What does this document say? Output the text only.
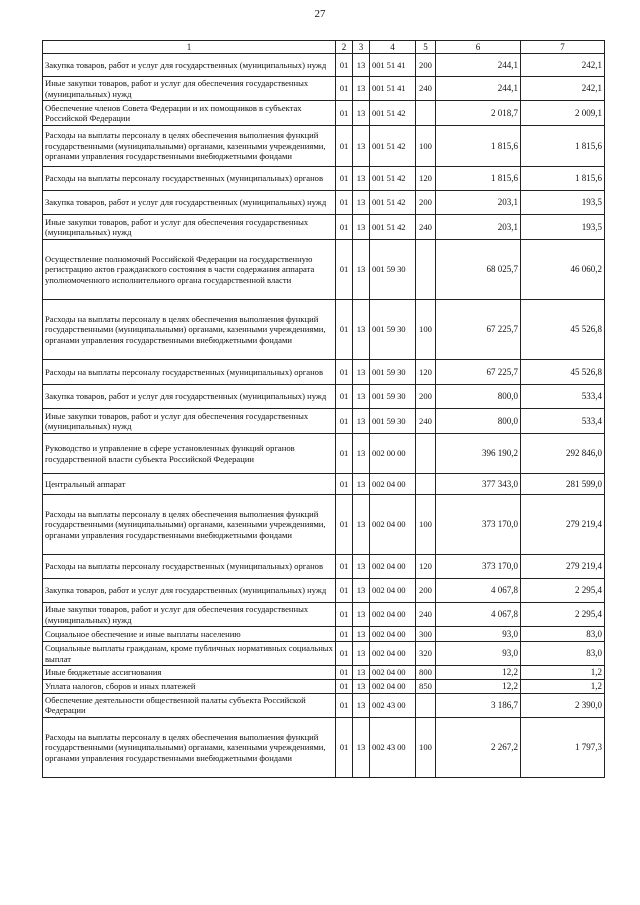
27
1	2	3	4	5	6	7
Закупка товаров, работ и услуг для государственных (муниципальных) нужд	01	13	001 51 41	200	244,1	242,1
Иные закупки товаров, работ и услуг для обеспечения государственных (муниципальных) нужд	01	13	001 51 41	240	244,1	242,1
Обеспечение членов Совета Федерации и их помощников в субъектах Российской Федерации	01	13	001 51 42		2 018,7	2 009,1
Расходы на выплаты персоналу в целях обеспечения выполнения функций государственными (муниципальными) органами, казенными учреждениями, органами управления государственными внебюджетными фондами	01	13	001 51 42	100	1 815,6	1 815,6
Расходы на выплаты персоналу государственных (муниципальных) органов	01	13	001 51 42	120	1 815,6	1 815,6
Закупка товаров, работ и услуг для государственных (муниципальных) нужд	01	13	001 51 42	200	203,1	193,5
Иные закупки товаров, работ и услуг для обеспечения государственных (муниципальных) нужд	01	13	001 51 42	240	203,1	193,5
Осуществление полномочий Российской Федерации на государственную регистрацию актов гражданского состояния в части содержания аппарата уполномоченного исполнительного органа государственной власти	01	13	001 59 30		68 025,7	46 060,2
Расходы на выплаты персоналу в целях обеспечения выполнения функций государственными (муниципальными) органами, казенными учреждениями, органами управления государственными внебюджетными фондами	01	13	001 59 30	100	67 225,7	45 526,8
Расходы на выплаты персоналу государственных (муниципальных) органов	01	13	001 59 30	120	67 225,7	45 526,8
Закупка товаров, работ и услуг для государственных (муниципальных) нужд	01	13	001 59 30	200	800,0	533,4
Иные закупки товаров, работ и услуг для обеспечения государственных (муниципальных) нужд	01	13	001 59 30	240	800,0	533,4
Руководство и управление в сфере установленных функций органов государственной власти субъекта Российской Федерации	01	13	002 00 00		396 190,2	292 846,0
Центральный аппарат	01	13	002 04 00		377 343,0	281 599,0
Расходы на выплаты персоналу в целях обеспечения выполнения функций государственными (муниципальными) органами, казенными учреждениями, органами управления государственными внебюджетными фондами	01	13	002 04 00	100	373 170,0	279 219,4
Расходы на выплаты персоналу государственных (муниципальных) органов	01	13	002 04 00	120	373 170,0	279 219,4
Закупка товаров, работ и услуг для государственных (муниципальных) нужд	01	13	002 04 00	200	4 067,8	2 295,4
Иные закупки товаров, работ и услуг для обеспечения государственных (муниципальных) нужд	01	13	002 04 00	240	4 067,8	2 295,4
Социальное обеспечение и иные выплаты населению	01	13	002 04 00	300	93,0	83,0
Социальные выплаты гражданам, кроме публичных нормативных социальных выплат	01	13	002 04 00	320	93,0	83,0
Иные бюджетные ассигнования	01	13	002 04 00	800	12,2	1,2
Уплата налогов, сборов и иных платежей	01	13	002 04 00	850	12,2	1,2
Обеспечение деятельности общественной палаты субъекта Российской Федерации	01	13	002 43 00		3 186,7	2 390,0
Расходы на выплаты персоналу в целях обеспечения выполнения функций государственными (муниципальными) органами, казенными учреждениями, органами управления государственными внебюджетными фондами	01	13	002 43 00	100	2 267,2	1 797,3
